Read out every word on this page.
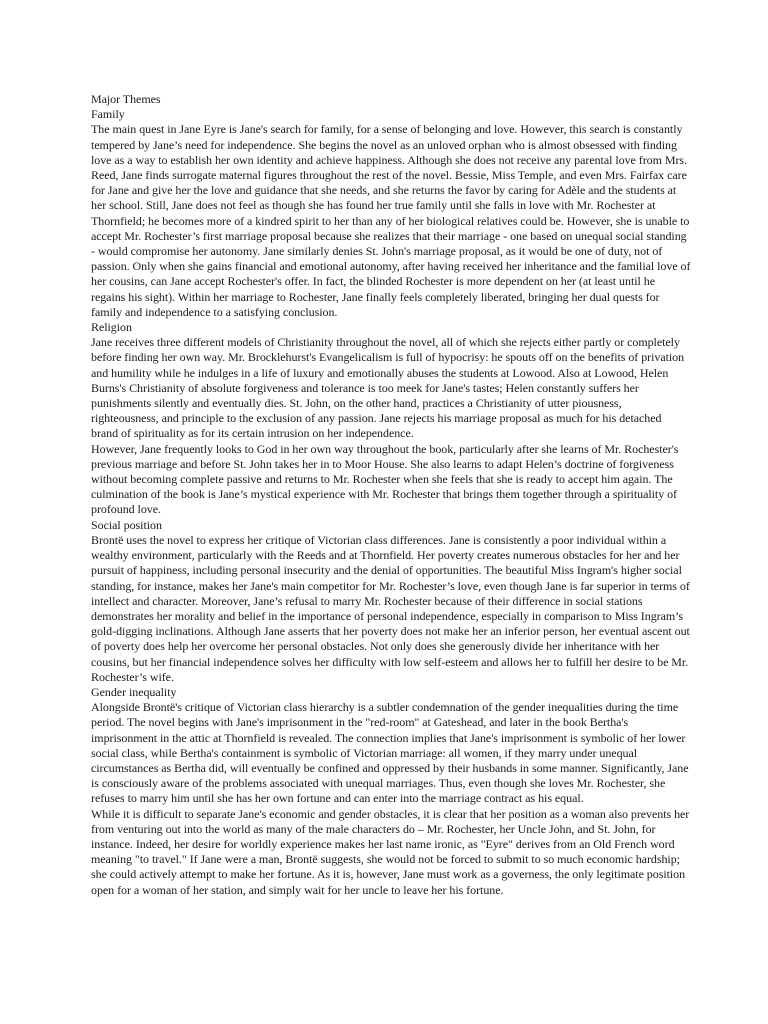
Major Themes

Family

The main quest in Jane Eyre is Jane's search for family, for a sense of belonging and love. However, this search is constantly tempered by Jane’s need for independence. She begins the novel as an unloved orphan who is almost obsessed with finding love as a way to establish her own identity and achieve happiness. Although she does not receive any parental love from Mrs. Reed, Jane finds surrogate maternal figures throughout the rest of the novel. Bessie, Miss Temple, and even Mrs. Fairfax care for Jane and give her the love and guidance that she needs, and she returns the favor by caring for Adèle and the students at her school. Still, Jane does not feel as though she has found her true family until she falls in love with Mr. Rochester at Thornfield; he becomes more of a kindred spirit to her than any of her biological relatives could be. However, she is unable to accept Mr. Rochester’s first marriage proposal because she realizes that their marriage - one based on unequal social standing - would compromise her autonomy. Jane similarly denies St. John's marriage proposal, as it would be one of duty, not of passion. Only when she gains financial and emotional autonomy, after having received her inheritance and the familial love of her cousins, can Jane accept Rochester's offer. In fact, the blinded Rochester is more dependent on her (at least until he regains his sight). Within her marriage to Rochester, Jane finally feels completely liberated, bringing her dual quests for family and independence to a satisfying conclusion.

Religion

Jane receives three different models of Christianity throughout the novel, all of which she rejects either partly or completely before finding her own way. Mr. Brocklehurst's Evangelicalism is full of hypocrisy: he spouts off on the benefits of privation and humility while he indulges in a life of luxury and emotionally abuses the students at Lowood. Also at Lowood, Helen Burns's Christianity of absolute forgiveness and tolerance is too meek for Jane's tastes; Helen constantly suffers her punishments silently and eventually dies. St. John, on the other hand, practices a Christianity of utter piousness, righteousness, and principle to the exclusion of any passion. Jane rejects his marriage proposal as much for his detached brand of spirituality as for its certain intrusion on her independence.

However, Jane frequently looks to God in her own way throughout the book, particularly after she learns of Mr. Rochester's previous marriage and before St. John takes her in to Moor House. She also learns to adapt Helen’s doctrine of forgiveness without becoming complete passive and returns to Mr. Rochester when she feels that she is ready to accept him again. The culmination of the book is Jane’s mystical experience with Mr. Rochester that brings them together through a spirituality of profound love.

Social position

Brontë uses the novel to express her critique of Victorian class differences. Jane is consistently a poor individual within a wealthy environment, particularly with the Reeds and at Thornfield. Her poverty creates numerous obstacles for her and her pursuit of happiness, including personal insecurity and the denial of opportunities. The beautiful Miss Ingram's higher social standing, for instance, makes her Jane's main competitor for Mr. Rochester’s love, even though Jane is far superior in terms of intellect and character. Moreover, Jane’s refusal to marry Mr. Rochester because of their difference in social stations demonstrates her morality and belief in the importance of personal independence, especially in comparison to Miss Ingram’s gold-digging inclinations. Although Jane asserts that her poverty does not make her an inferior person, her eventual ascent out of poverty does help her overcome her personal obstacles. Not only does she generously divide her inheritance with her cousins, but her financial independence solves her difficulty with low self-esteem and allows her to fulfill her desire to be Mr. Rochester’s wife.

Gender inequality

Alongside Brontë's critique of Victorian class hierarchy is a subtler condemnation of the gender inequalities during the time period. The novel begins with Jane's imprisonment in the "red-room" at Gateshead, and later in the book Bertha's imprisonment in the attic at Thornfield is revealed. The connection implies that Jane's imprisonment is symbolic of her lower social class, while Bertha's containment is symbolic of Victorian marriage: all women, if they marry under unequal circumstances as Bertha did, will eventually be confined and oppressed by their husbands in some manner. Significantly, Jane is consciously aware of the problems associated with unequal marriages. Thus, even though she loves Mr. Rochester, she refuses to marry him until she has her own fortune and can enter into the marriage contract as his equal.

While it is difficult to separate Jane's economic and gender obstacles, it is clear that her position as a woman also prevents her from venturing out into the world as many of the male characters do – Mr. Rochester, her Uncle John, and St. John, for instance. Indeed, her desire for worldly experience makes her last name ironic, as "Eyre" derives from an Old French word meaning "to travel." If Jane were a man, Brontë suggests, she would not be forced to submit to so much economic hardship; she could actively attempt to make her fortune. As it is, however, Jane must work as a governess, the only legitimate position open for a woman of her station, and simply wait for her uncle to leave her his fortune.
